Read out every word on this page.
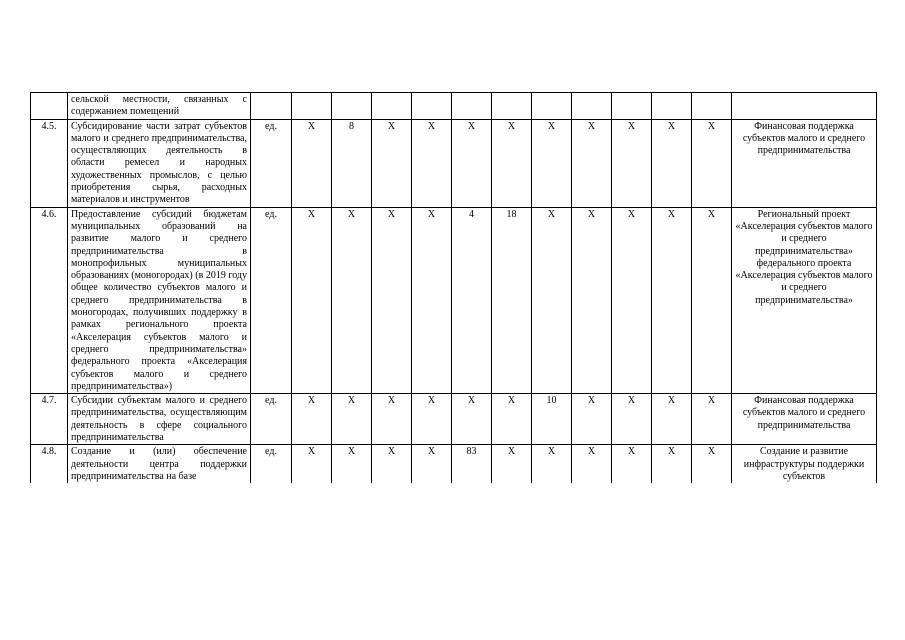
	сельской местности, связанных с содержанием помещений													
4.5.	Субсидирование части затрат субъектов малого и среднего предпринимательства, осуществляющих деятельность в области ремесел и народных художественных промыслов, с целью приобретения сырья, расходных материалов и инструментов	ед.	X	8	X	X	X	X	X	X	X	X	X	Финансовая поддержка субъектов малого и среднего предпринимательства
4.6.	Предоставление субсидий бюджетам муниципальных образований на развитие малого и среднего предпринимательства в монопрофильных муниципальных образованиях (моногородах) (в 2019 году общее количество субъектов малого и среднего предпринимательства в моногородах, получивших поддержку в рамках регионального проекта «Акселерация субъектов малого и среднего предпринимательства» федерального проекта «Акселерация субъектов малого и среднего предпринимательства»)	ед.	X	X	X	X	4	18	X	X	X	X	X	Региональный проект «Акселерация субъектов малого и среднего предпринимательства» федерального проекта «Акселерация субъектов малого и среднего предпринимательства»
4.7.	Субсидии субъектам малого и среднего предпринимательства, осуществляющим деятельность в сфере социального предпринимательства	ед.	X	X	X	X	X	X	10	X	X	X	X	Финансовая поддержка субъектов малого и среднего предпринимательства
4.8.	Создание и (или) обеспечение деятельности центра поддержки предпринимательства на базе	ед.	X	X	X	X	83	X	X	X	X	X	X	Создание и развитие инфраструктуры поддержки субъектов
